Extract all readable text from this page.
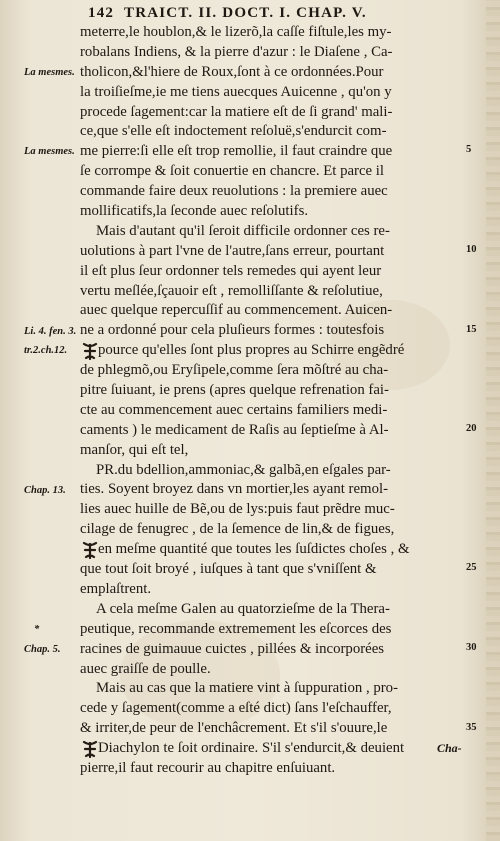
142 TRAICT. II. DOCT. I. CHAP. V.
meterre,le houblon,& le lizerõ,la caſſe fiſtule,les my-
robalans Indiens, & la pierre d'azur : le Diaſene , Ca-
tholicon,&l'hiere de Roux,ſont à ce ordonnées.Pour
la troiſieſme,ie me tiens auecques Auicenne , qu'on y
procede ſagement:car la matiere eſt de ſi grand' mali-
ce,que s'elle eſt indoctement reſoluë,s'endurcit com-
me pierre:ſi elle eſt trop remollie, il faut craindre que
ſe corrompe & ſoit conuertie en chancre. Et parce il
commande faire deux reuolutions : la premiere auec
mollificatifs,la ſeconde auec reſolutifs.
Mais d'autant qu'il ſeroit difficile ordonner ces re-
uolutions à part l'vne de l'autre,ſans erreur, pourtant
il eſt plus ſeur ordonner tels remedes qui ayent leur
vertu meſlée,ſçauoir eſt , remolliſſante & reſolutiue,
auec quelque repercuſſif au commencement. Auicen-
ne a ordonné pour cela pluſieurs formes : toutesfois
pource qu'elles ſont plus propres au Schirre engẽdré
de phlegmõ,ou Eryſipele,comme ſera mõſtré au cha-
pitre ſuiuant, ie prens (apres quelque refrenation fai-
cte au commencement auec certains familiers medi-
caments ) le medicament de Raſis au ſeptieſme à Al-
manſor, qui eſt tel,
PR.du bdellion,ammoniac,& galbã,en eſgales par-
ties. Soyent broyez dans vn mortier,les ayant remol-
lies auec huille de Bẽ,ou de lys:puis faut prẽdre muc-
cilage de fenugrec , de la ſemence de lin,& de figues,
en meſme quantité que toutes les ſuſdictes choſes , &
que tout ſoit broyé , iuſques à tant que s'vniſſent &
emplaſtrent.
A cela meſme Galen au quatorzieſme de la Thera-
peutique, recommande extremement les eſcorces des
racines de guimauue cuictes , pillées & incorporées
auec graiſſe de poulle.
Mais au cas que la matiere vint à ſuppuration , pro-
cede y ſagement(comme a eſté dict) ſans l'eſchauffer,
& irriter,de peur de l'enchâcrement. Et s'il s'ouure,le
Diachylon te ſoit ordinaire. S'il s'endurcit,& deuient
pierre,il faut recourir au chapitre enſuiuant.
La mesmes.
La mesmes.
Li. 4. fen. 3.
tr.2.ch.12.
Chap. 13.
Chap. 5.
*
5
10
15
20
25
30
35
Cha-
